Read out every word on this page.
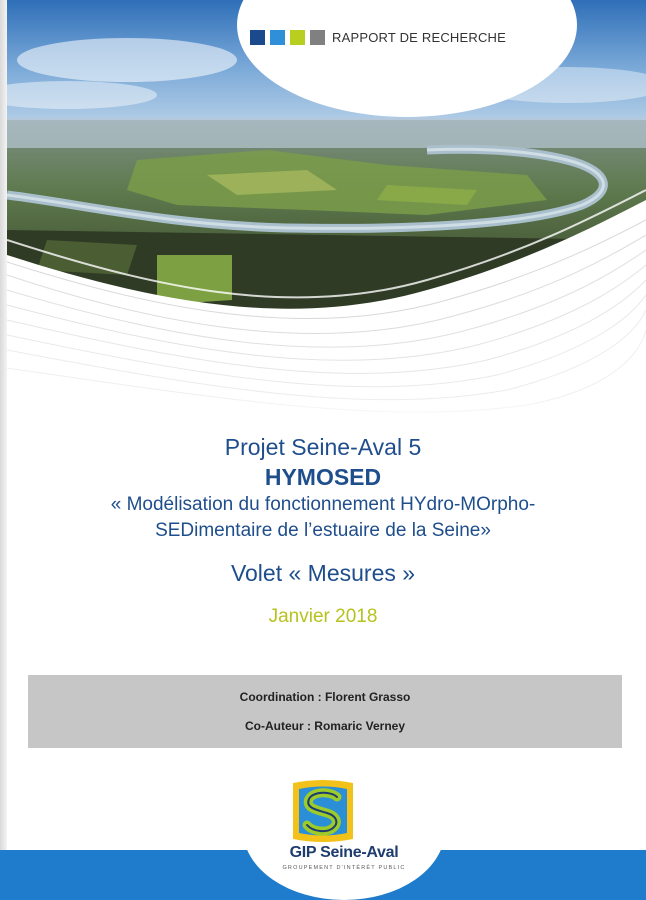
RAPPORT DE RECHERCHE
Projet Seine-Aval 5
HYMOSED
« Modélisation du fonctionnement HYdro-MOrpho-
SEDimentaire de l’estuaire de la Seine»
Volet « Mesures »
Janvier 2018
Coordination : Florent Grasso
Co-Auteur : Romaric Verney
GIP Seine-Aval
GROUPEMENT D'INTÉRÊT PUBLIC
